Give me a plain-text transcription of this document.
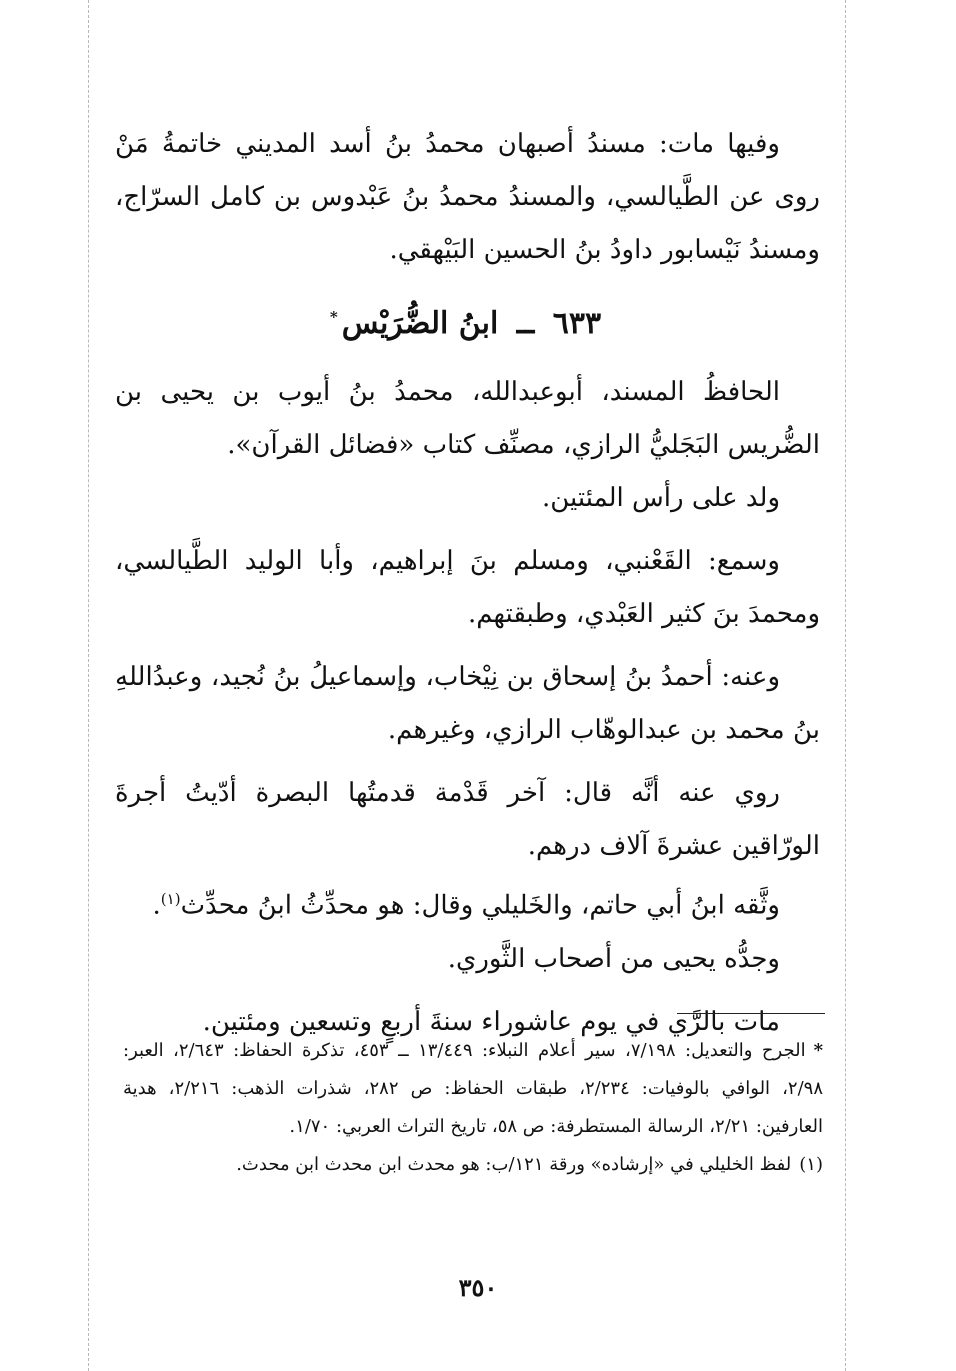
وفيها مات: مسندُ أصبهان محمدُ بنُ أسد المديني خاتمةُ مَنْ روى عن الطَّيالسي، والمسندُ محمدُ بنُ عَبْدوس بن كامل السرّاج، ومسندُ نَيْسابور داودُ بنُ الحسين البَيْهقي.

٦٣٣ ــ ابنُ الضُّرَيْس*

الحافظُ المسند، أبوعبدالله، محمدُ بنُ أيوب بن يحيى بن الضُّريس البَجَليُّ الرازي، مصنِّف كتاب «فضائل القرآن».

ولد على رأس المئتين.

وسمع: القَعْنبي، ومسلم بنَ إبراهيم، وأبا الوليد الطَّيالسي، ومحمدَ بنَ كثير العَبْدي، وطبقتهم.

وعنه: أحمدُ بنُ إسحاق بن نِيْخاب، وإسماعيلُ بنُ نُجيد، وعبدُاللهِ بنُ محمد بن عبدالوهّاب الرازي، وغيرهم.

روي عنه أنَّه قال: آخر قَدْمة قدمتُها البصرة أدّيتُ أجرةَ الورّاقين عشرةَ آلاف درهم.

وثَّقه ابنُ أبي حاتم، والخَليلي وقال: هو محدِّثُ ابنُ محدِّث$^{(١)}$.

وجدُّه يحيى من أصحاب الثَّوري.

مات بالرَّي في يوم عاشوراء سنةَ أربعٍ وتسعين ومئتين.

*الجرح والتعديل: ٧/١٩٨، سير أعلام النبلاء: ١٣/٤٤٩ ــ ٤٥٣، تذكرة الحفاظ: ٢/٦٤٣، العبر: ٢/٩٨، الوافي بالوفيات: ٢/٢٣٤، طبقات الحفاظ: ص ٢٨٢، شذرات الذهب: ٢/٢١٦، هدية العارفين: ٢/٢١، الرسالة المستطرفة: ص ٥٨، تاريخ التراث العربي: ١/٧٠.

(١)لفظ الخليلي في «إرشاده» ورقة ١٢١/ب: هو محدث ابن محدث ابن محدث.

٣٥٠
